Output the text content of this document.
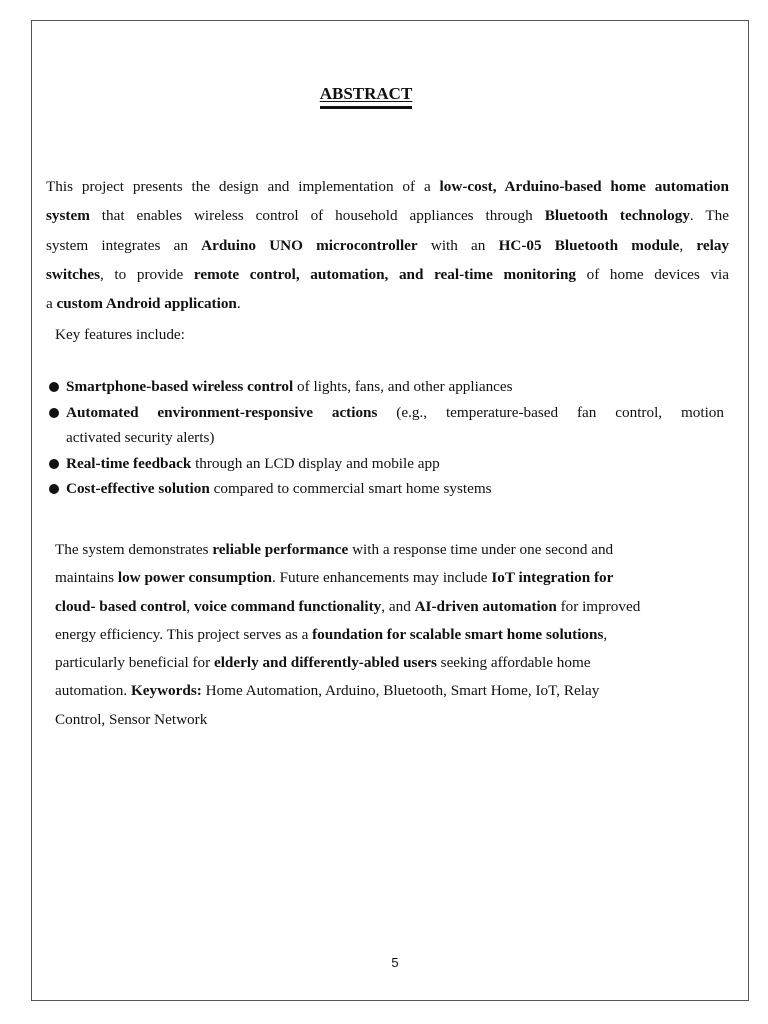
ABSTRACT

This project presents the design and implementation of a low-cost, Arduino-based home automation
system that enables wireless control of household appliances through Bluetooth technology. The
system integrates an Arduino UNO microcontroller with an HC-05 Bluetooth module, relay
switches, to provide remote control, automation, and real-time monitoring of home devices via
a custom Android application.

Key features include:

Smartphone-based wireless control of lights, fans, and other appliances
Automated environment-responsive actions (e.g., temperature-based fan control, motion
activated security alerts)
Real-time feedback through an LCD display and mobile app
Cost-effective solution compared to commercial smart home systems

The system demonstrates reliable performance with a response time under one second and
maintains low power consumption. Future enhancements may include IoT integration for
cloud- based control, voice command functionality, and AI-driven automation for improved
energy efficiency. This project serves as a foundation for scalable smart home solutions,
particularly beneficial for elderly and differently-abled users seeking affordable home
automation. Keywords: Home Automation, Arduino, Bluetooth, Smart Home, IoT, Relay
Control, Sensor Network

5
